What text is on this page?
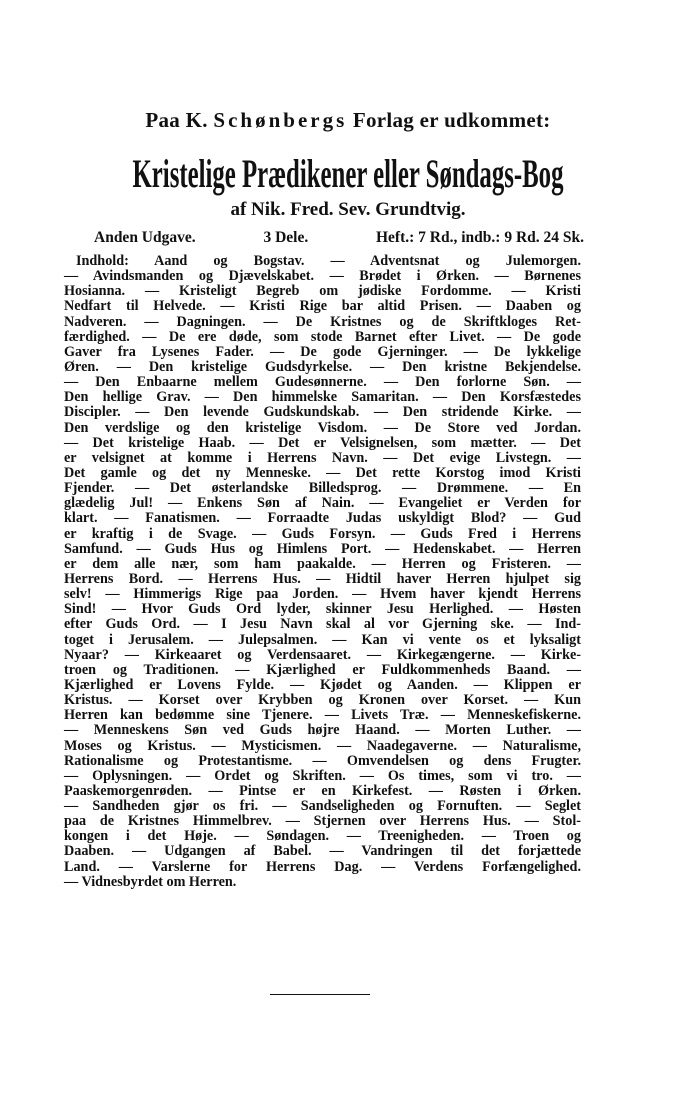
Paa K. Schønbergs Forlag er udkommet:
Kristelige Prædikener eller Søndags-Bog
af Nik. Fred. Sev. Grundtvig.
Anden Udgave.	3 Dele.	Heft.: 7 Rd., indb.: 9 Rd. 24 Sk.
Indhold: Aand og Bogstav. — Adventsnat og Julemorgen.
— Avindsmanden og Djævelskabet. — Brødet i Ørken. — Børnenes
Hosianna. — Kristeligt Begreb om jødiske Fordomme. — Kristi
Nedfart til Helvede. — Kristi Rige bar altid Prisen. — Daaben og
Nadveren. — Dagningen. — De Kristnes og de Skriftkloges Ret-
færdighed. — De ere døde, som stode Barnet efter Livet. — De gode
Gaver fra Lysenes Fader. — De gode Gjerninger. — De lykkelige
Øren. — Den kristelige Gudsdyrkelse. — Den kristne Bekjendelse.
— Den Enbaarne mellem Gudesønnerne. — Den forlorne Søn. —
Den hellige Grav. — Den himmelske Samaritan. — Den Korsfæstedes
Discipler. — Den levende Gudskundskab. — Den stridende Kirke. —
Den verdslige og den kristelige Visdom. — De Store ved Jordan.
— Det kristelige Haab. — Det er Velsignelsen, som mætter. — Det
er velsignet at komme i Herrens Navn. — Det evige Livstegn. —
Det gamle og det ny Menneske. — Det rette Korstog imod Kristi
Fjender. — Det østerlandske Billedsprog. — Drømmene. — En
glædelig Jul! — Enkens Søn af Nain. — Evangeliet er Verden for
klart. — Fanatismen. — Forraadte Judas uskyldigt Blod? — Gud
er kraftig i de Svage. — Guds Forsyn. — Guds Fred i Herrens
Samfund. — Guds Hus og Himlens Port. — Hedenskabet. — Herren
er dem alle nær, som ham paakalde. — Herren og Fristeren. —
Herrens Bord. — Herrens Hus. — Hidtil haver Herren hjulpet sig
selv! — Himmerigs Rige paa Jorden. — Hvem haver kjendt Herrens
Sind! — Hvor Guds Ord lyder, skinner Jesu Herlighed. — Høsten
efter Guds Ord. — I Jesu Navn skal al vor Gjerning ske. — Ind-
toget i Jerusalem. — Julepsalmen. — Kan vi vente os et lyksaligt
Nyaar? — Kirkeaaret og Verdensaaret. — Kirkegængerne. — Kirke-
troen og Traditionen. — Kjærlighed er Fuldkommenheds Baand. —
Kjærlighed er Lovens Fylde. — Kjødet og Aanden. — Klippen er
Kristus. — Korset over Krybben og Kronen over Korset. — Kun
Herren kan bedømme sine Tjenere. — Livets Træ. — Menneskefiskerne.
— Menneskens Søn ved Guds højre Haand. — Morten Luther. —
Moses og Kristus. — Mysticismen. — Naadegaverne. — Naturalisme,
Rationalisme og Protestantisme. — Omvendelsen og dens Frugter.
— Oplysningen. — Ordet og Skriften. — Os times, som vi tro. —
Paaskemorgenrøden. — Pintse er en Kirkefest. — Røsten i Ørken.
— Sandheden gjør os fri. — Sandseligheden og Fornuften. — Seglet
paa de Kristnes Himmelbrev. — Stjernen over Herrens Hus. — Stol-
kongen i det Høje. — Søndagen. — Treenigheden. — Troen og
Daaben. — Udgangen af Babel. — Vandringen til det forjættede
Land. — Varslerne for Herrens Dag. — Verdens Forfængelighed.
— Vidnesbyrdet om Herren.
